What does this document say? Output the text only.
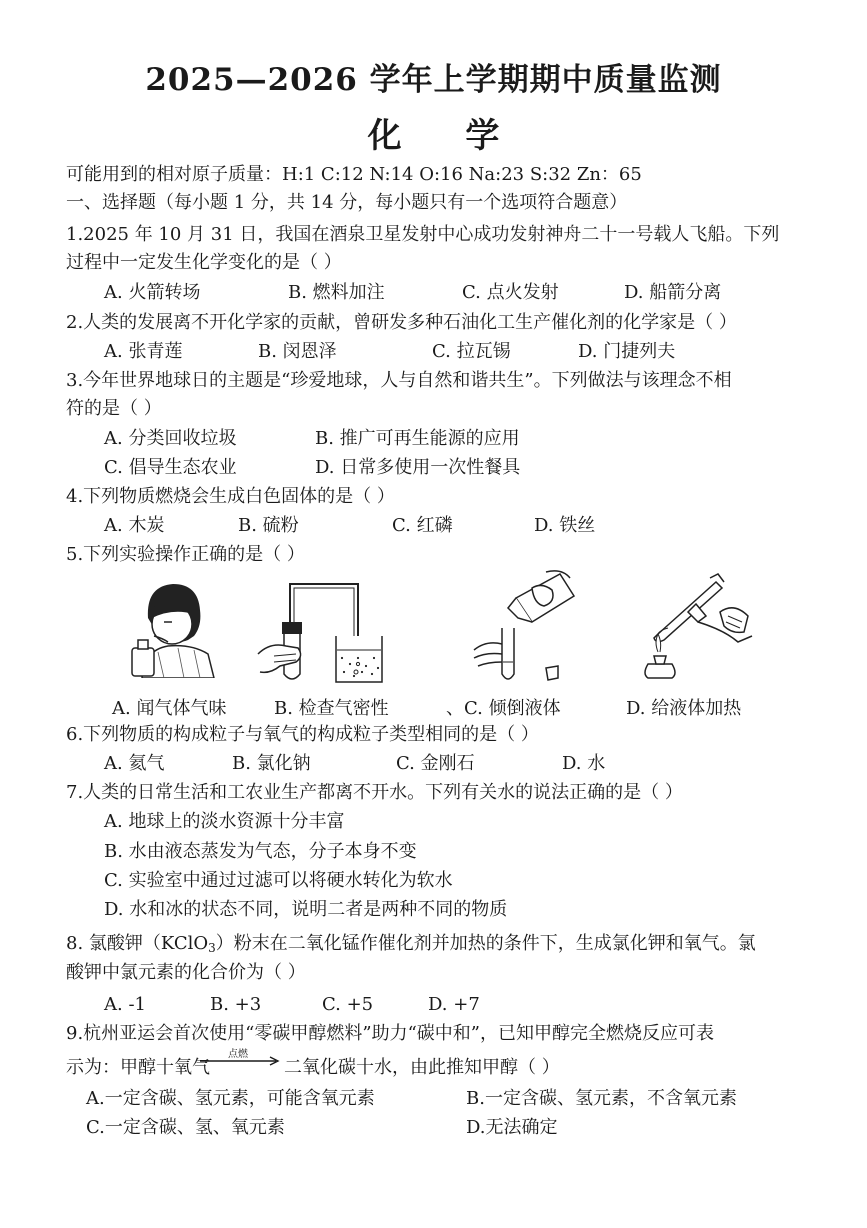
2025—2026 学年上学期期中质量监测
化 学
可能用到的相对原子质量：H:1 C:12 N:14 O:16 Na:23 S:32 Zn：65
一、选择题（每小题 1 分，共 14 分，每小题只有一个选项符合题意）
1.2025 年 10 月 31 日，我国在酒泉卫星发射中心成功发射神舟二十一号载人飞船。下列
过程中一定发生化学变化的是（ ）
A. 火箭转场	B. 燃料加注	C. 点火发射	D. 船箭分离
2.人类的发展离不开化学家的贡献，曾研发多种石油化工生产催化剂的化学家是（ ）
A. 张青莲	B. 闵恩泽	C. 拉瓦锡	D. 门捷列夫
3.今年世界地球日的主题是“珍爱地球，人与自然和谐共生”。下列做法与该理念不相
符的是（ ）
A. 分类回收垃圾	B. 推广可再生能源的应用
C. 倡导生态农业	D. 日常多使用一次性餐具
4.下列物质燃烧会生成白色固体的是（ ）
A. 木炭	B. 硫粉	C. 红磷	D. 铁丝
5.下列实验操作正确的是（ ）
A. 闻气体气味	B. 检查气密性	、C. 倾倒液体	D. 给液体加热
6.下列物质的构成粒子与氧气的构成粒子类型相同的是（ ）
A. 氦气	B. 氯化钠	C. 金刚石	D. 水
7.人类的日常生活和工农业生产都离不开水。下列有关水的说法正确的是（ ）
A. 地球上的淡水资源十分丰富
B. 水由液态蒸发为气态，分子本身不变
C. 实验室中通过过滤可以将硬水转化为软水
D. 水和冰的状态不同，说明二者是两种不同的物质
8. 氯酸钾（KClO$_3$）粉末在二氧化锰作催化剂并加热的条件下，生成氯化钾和氧气。氯
酸钾中氯元素的化合价为（ ）
A. -1	B. +3	C. +5	D. +7
9.杭州亚运会首次使用“零碳甲醇燃料”助力“碳中和”，已知甲醇完全燃烧反应可表
示为：甲醇十氧气
点燃
二氧化碳十水，由此推知甲醇（ ）
A.一定含碳、氢元素，可能含氧元素	B.一定含碳、氢元素，不含氧元素
C.一定含碳、氢、氧元素	D.无法确定
